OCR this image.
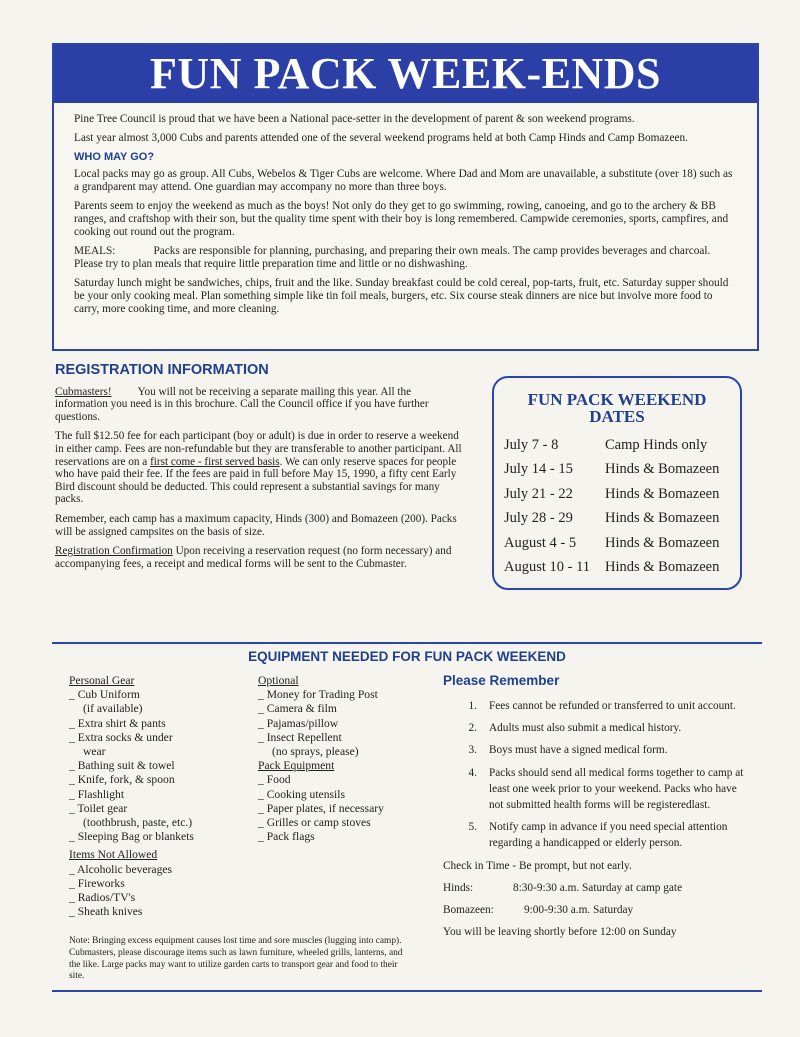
FUN PACK WEEK-ENDS

Pine Tree Council is proud that we have been a National pace-setter in the development of parent & son weekend programs.

Last year almost 3,000 Cubs and parents attended one of the several weekend programs held at both Camp Hinds and Camp Bomazeen.

WHO MAY GO?

Local packs may go as group. All Cubs, Webelos & Tiger Cubs are welcome. Where Dad and Mom are unavailable, a substitute (over 18) such as a grandparent may attend. One guardian may accompany no more than three boys.

Parents seem to enjoy the weekend as much as the boys! Not only do they get to go swimming, rowing, canoeing, and go to the archery & BB ranges, and craftshop with their son, but the quality time spent with their boy is long remembered. Campwide ceremonies, sports, campfires, and cooking out round out the program.

MEALS:	Packs are responsible for planning, purchasing, and preparing their own meals. The camp provides beverages and charcoal. Please try to plan meals that require little preparation time and little or no dishwashing.

Saturday lunch might be sandwiches, chips, fruit and the like. Sunday breakfast could be cold cereal, pop-tarts, fruit, etc. Saturday supper should be your only cooking meal. Plan something simple like tin foil meals, burgers, etc. Six course steak dinners are nice but involve more food to carry, more cooking time, and more cleaning.

REGISTRATION INFORMATION

Cubmasters! You will not be receiving a separate mailing this year. All the information you need is in this brochure. Call the Council office if you have further questions.

The full $12.50 fee for each participant (boy or adult) is due in order to reserve a weekend in either camp. Fees are non-refundable but they are transferable to another participant. All reservations are on a first come - first served basis. We can only reserve spaces for people who have paid their fee. If the fees are paid in full before May 15, 1990, a fifty cent Early Bird discount should be deducted. This could represent a substantial savings for many packs.

Remember, each camp has a maximum capacity, Hinds (300) and Bomazeen (200). Packs will be assigned campsites on the basis of size.

Registration Confirmation Upon receiving a reservation request (no form necessary) and accompanying fees, a receipt and medical forms will be sent to the Cubmaster.

FUN PACK WEEKEND
DATES
July 7 - 8	Camp Hinds only
July 14 - 15	Hinds & Bomazeen
July 21 - 22	Hinds & Bomazeen
July 28 - 29	Hinds & Bomazeen
August 4 - 5	Hinds & Bomazeen
August 10 - 11	Hinds & Bomazeen
EQUIPMENT NEEDED FOR FUN PACK WEEKEND
Personal Gear
_ Cub Uniform
(if available)
_ Extra shirt & pants
_ Extra socks & under
wear
_ Bathing suit & towel
_ Knife, fork, & spoon
_ Flashlight
_ Toilet gear
(toothbrush, paste, etc.)
_ Sleeping Bag or blankets
Items Not Allowed
_ Alcoholic beverages
_ Fireworks
_ Radios/TV's
_ Sheath knives
Optional
_ Money for Trading Post
_ Camera & film
_ Pajamas/pillow
_ Insect Repellent
(no sprays, please)
Pack Equipment
_ Food
_ Cooking utensils
_ Paper plates, if necessary
_ Grilles or camp stoves
_ Pack flags
Note: Bringing excess equipment causes lost time and sore muscles (lugging into camp). Cubmasters, please discourage items such as lawn furniture, wheeled grills, lanterns, and the like. Large packs may want to utilize garden carts to transport gear and food to their site.
Please Remember
1.	Fees cannot be refunded or transferred to unit account.
2.	Adults must also submit a medical history.
3.	Boys must have a signed medical form.
4.	Packs should send all medical forms together to camp at least one week prior to your weekend. Packs who have not submitted health forms will be registeredlast.
5.	Notify camp in advance if you need special attention regarding a handicapped or elderly person.
Check in Time - Be prompt, but not early.
Hinds:	8:30-9:30 a.m. Saturday at camp gate
Bomazeen:	9:00-9:30 a.m. Saturday
You will be leaving shortly before 12:00 on Sunday
